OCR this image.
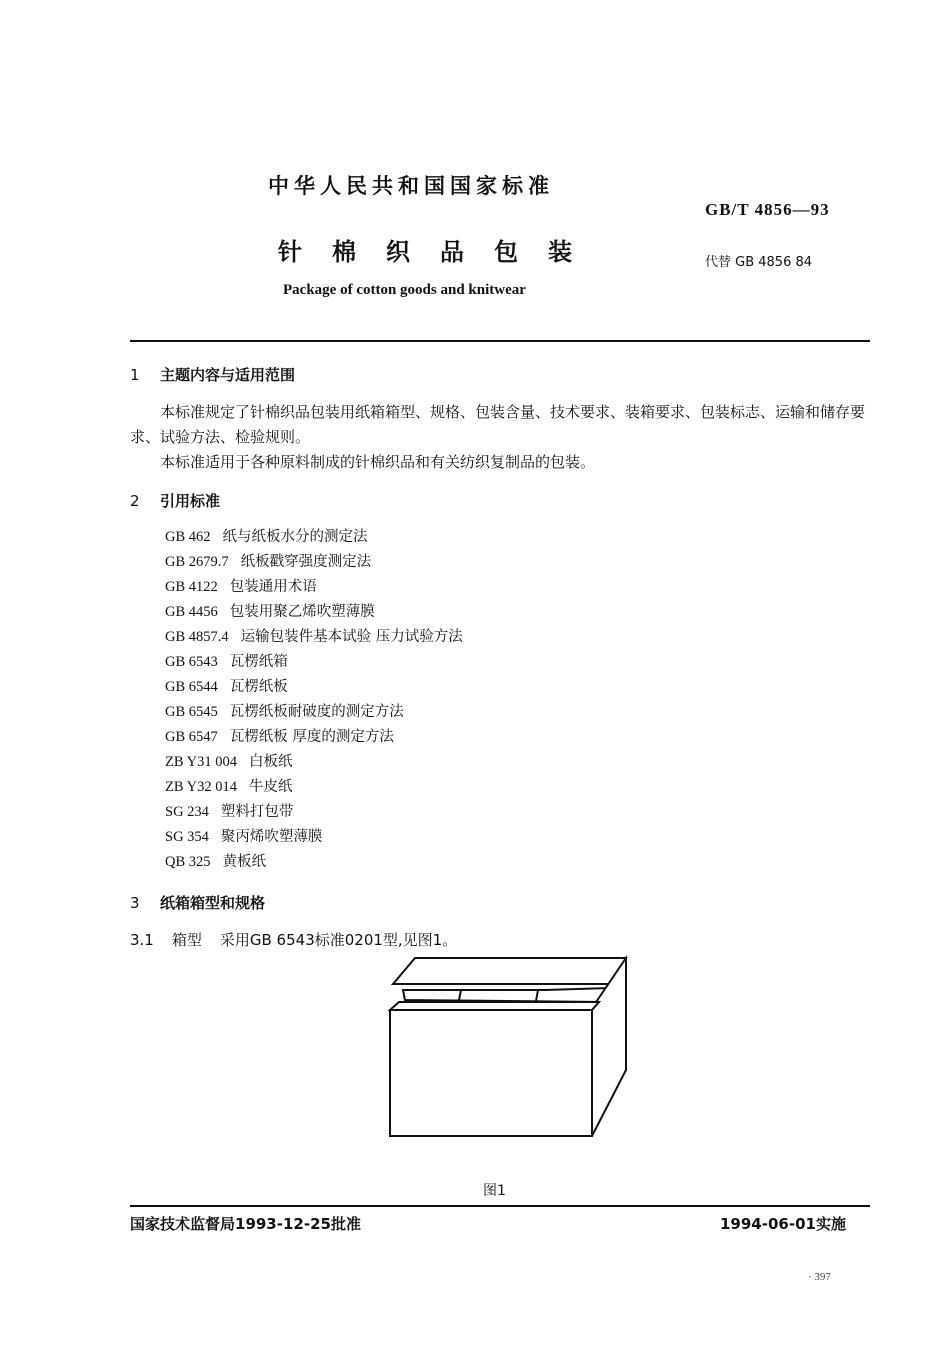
中华人民共和国国家标准
GB/T 4856—93
针棉织品包装	代替 GB 4856 84
Package of cotton goods and knitwear
1 主题内容与适用范围

本标准规定了针棉织品包装用纸箱箱型、规格、包装含量、技术要求、装箱要求、包装标志、运输和储存要求、试验方法、检验规则。

本标准适用于各种原料制成的针棉织品和有关纺织复制品的包装。

2 引用标准
GB 462 纸与纸板水分的测定法
GB 2679.7 纸板戳穿强度测定法
GB 4122 包装通用术语
GB 4456 包装用聚乙烯吹塑薄膜
GB 4857.4 运输包装件基本试验 压力试验方法
GB 6543 瓦楞纸箱
GB 6544 瓦楞纸板
GB 6545 瓦楞纸板耐破度的测定方法
GB 6547 瓦楞纸板 厚度的测定方法
ZB Y31 004 白板纸
ZB Y32 014 牛皮纸
SG 234 塑料打包带
SG 354 聚丙烯吹塑薄膜
QB 325 黄板纸
3 纸箱箱型和规格
3.1 箱型 采用GB 6543标准0201型,见图1。
图1
国家技术监督局1993-12-25批准	1994-06-01实施
· 397
